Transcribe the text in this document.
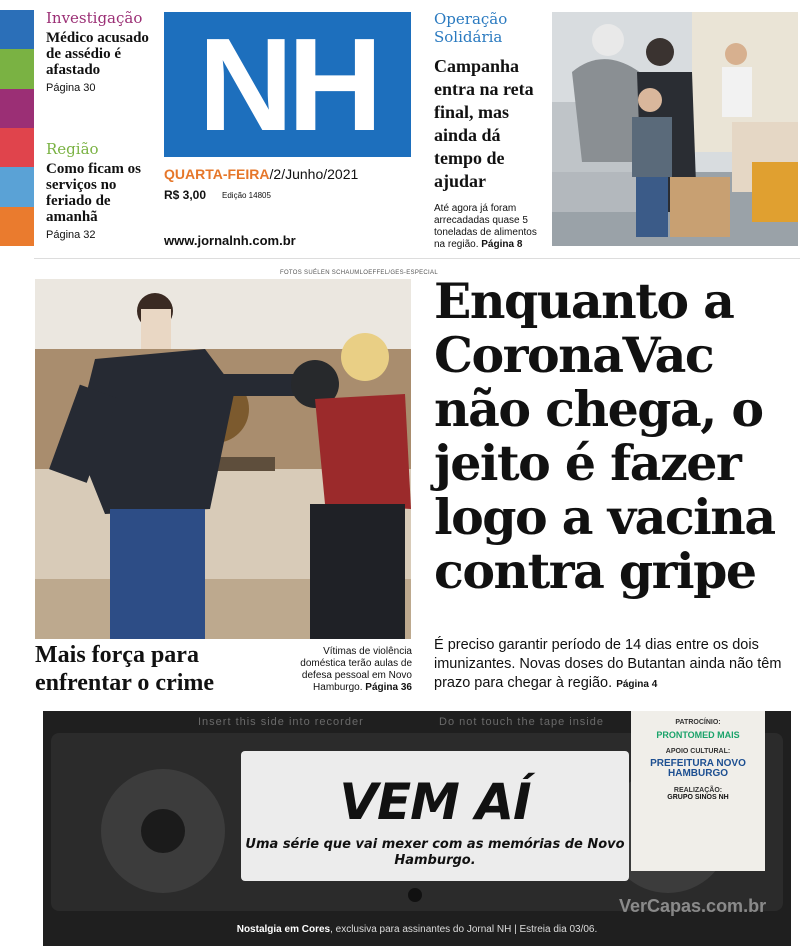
Investigação
Médico acusado de assédio é afastado
Página 30
Região
Como ficam os serviços no feriado de amanhã
Página 32
NH
QUARTA-FEIRA/2/Junho/2021
R$ 3,00 Edição 14805
www.jornalnh.com.br
Operação Solidária
Campanha entra na reta final, mas ainda dá tempo de ajudar
Até agora já foram arrecadadas quase 5 toneladas de alimentos na região. Página 8
FOTOS SUÉLEN SCHAUMLOEFFEL/GES-ESPECIAL
Mais força para enfrentar o crime
Vítimas de violência doméstica terão aulas de defesa pessoal em Novo Hamburgo. Página 36
Enquanto a CoronaVac não chega, o jeito é fazer logo a vacina contra gripe
É preciso garantir período de 14 dias entre os dois imunizantes. Novas doses do Butantan ainda não têm prazo para chegar à região. Página 4
Insert this side into recorder	Do not touch the tape inside
VEM AÍ
Uma série que vai mexer com as memórias de Novo Hamburgo.
PATROCÍNIO:
PRONTOMED MAIS
APOIO CULTURAL:
PREFEITURA NOVO HAMBURGO
REALIZAÇÃO:
GRUPO SINOS NH
VerCapas.com.br
Nostalgia em Cores, exclusiva para assinantes do Jornal NH | Estreia dia 03/06.
